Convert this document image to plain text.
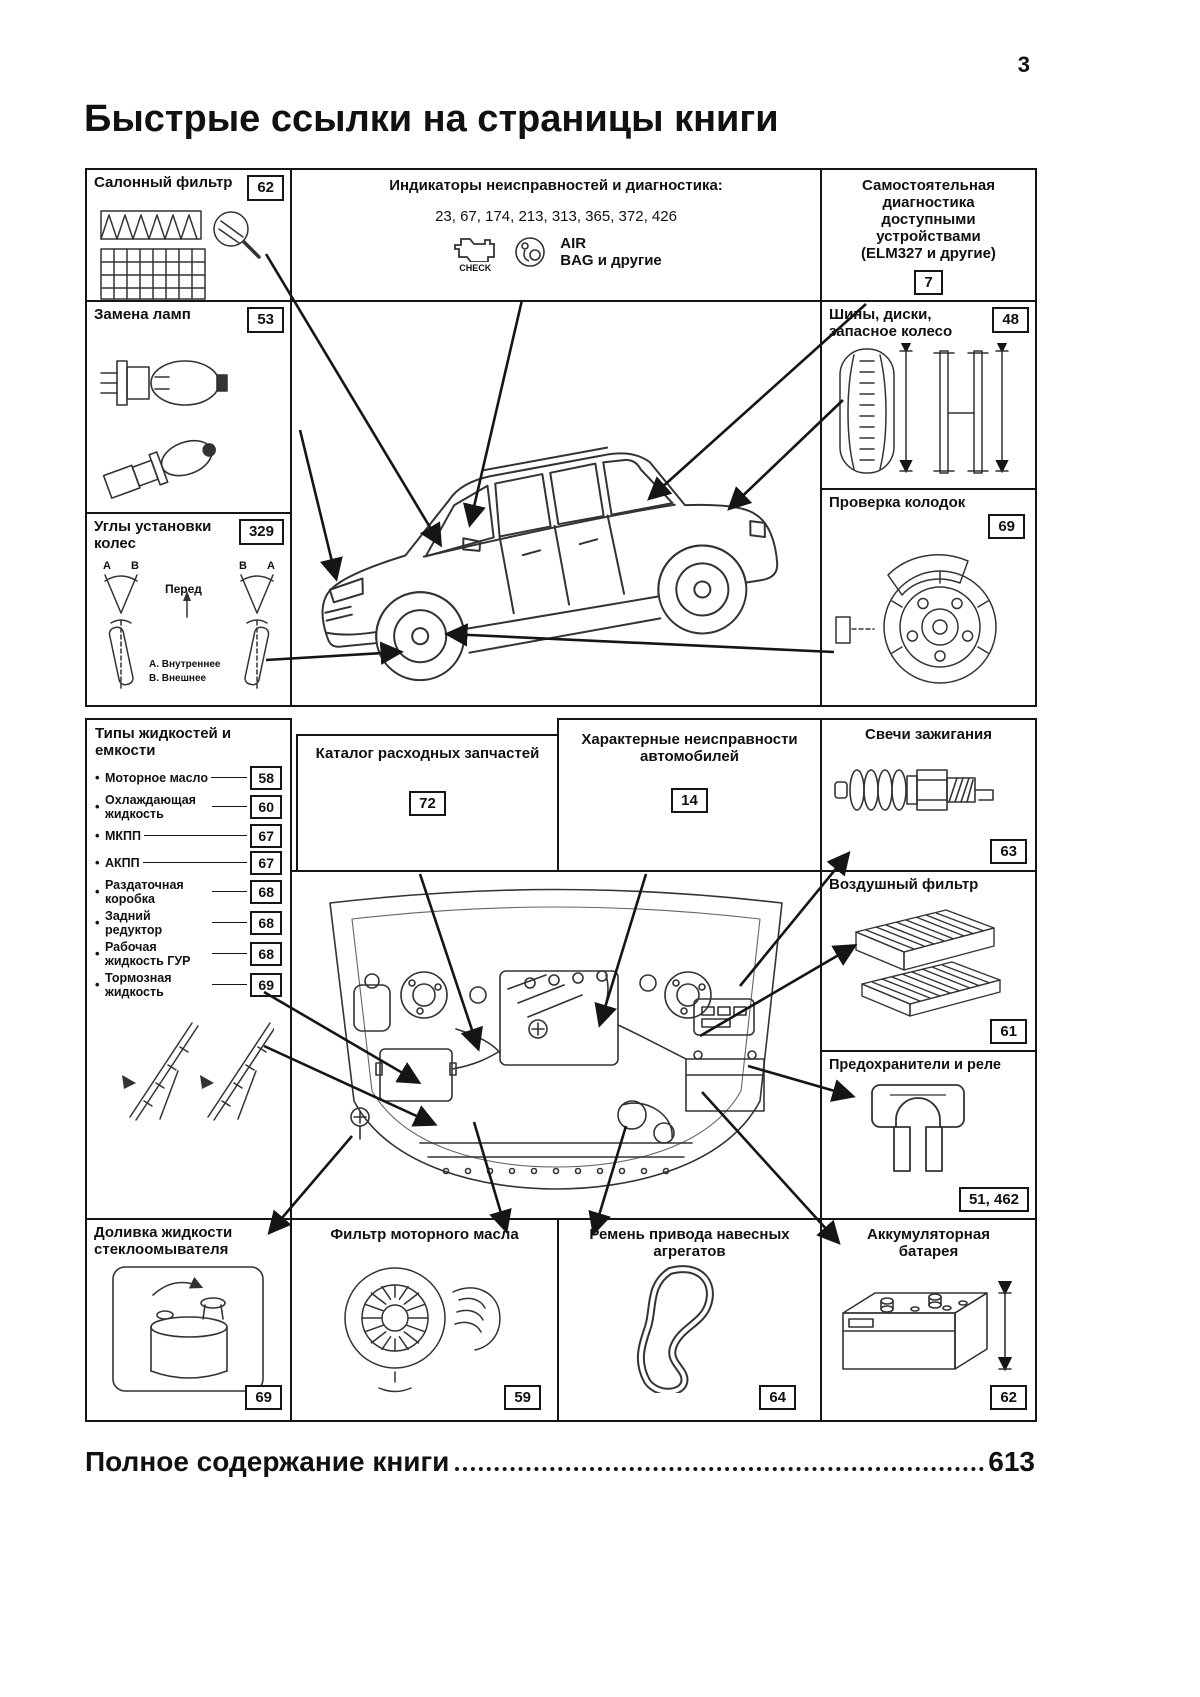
3
Быстрые ссылки на страницы книги
Салонный фильтр	62	Индикаторы неисправностей и диагностика:
23, 67, 174, 213, 313, 365, 372, 426
CHECK
AIR
BAG и другие
Самостоятельная диагностика доступными устройствами (ELM327 и другие)
7
Замена ламп	53
Углы установки колес
329
А В	В А
Перед
А. Внутреннее
В. Внешнее
Шины, диски, запасное колесо
48
Проверка колодок
69
Типы жидкостей и емкости
• Моторное масло	58
• Охлаждающая жидкость	60
• МКПП	67
• АКПП	67
• Раздаточная коробка	68
• Задний редуктор	68
• Рабочая жидкость ГУР	68
• Тормозная жидкость	69
Каталог расходных запчастей
72
Характерные неисправности автомобилей
14
Свечи зажигания
63
Воздушный фильтр
61
Предохранители и реле
51, 462
Доливка жидкости стеклоомывателя
69
Фильтр моторного масла
59
Ремень привода навесных агрегатов
64
Аккумуляторная батарея
62
Полное содержание книги	613
